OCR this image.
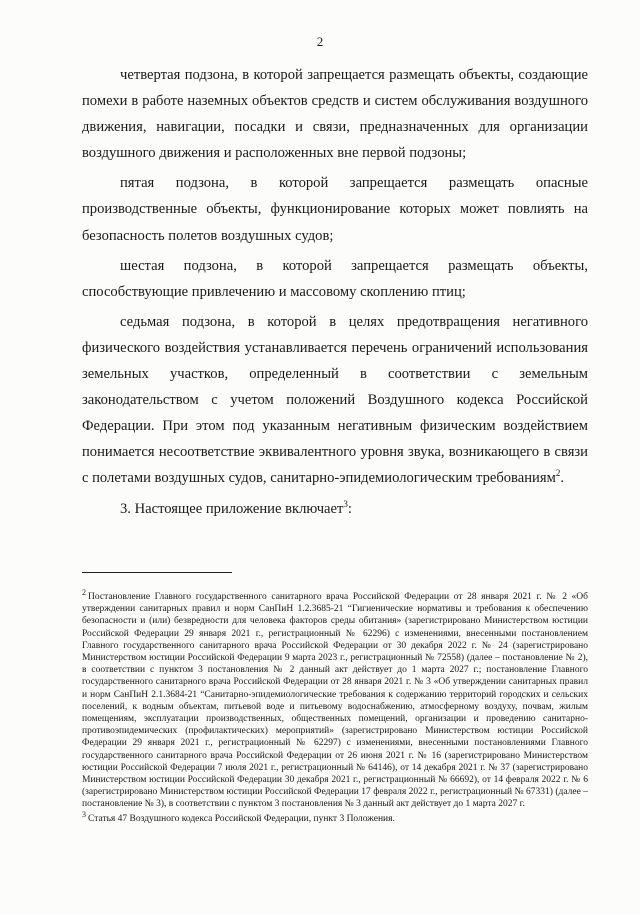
2

четвертая подзона, в которой запрещается размещать объекты, создающие помехи в работе наземных объектов средств и систем обслуживания воздушного движения, навигации, посадки и связи, предназначенных для организации воздушного движения и расположенных вне первой подзоны;

пятая подзона, в которой запрещается размещать опасные производственные объекты, функционирование которых может повлиять на безопасность полетов воздушных судов;

шестая подзона, в которой запрещается размещать объекты, способствующие привлечению и массовому скоплению птиц;

седьмая подзона, в которой в целях предотвращения негативного физического воздействия устанавливается перечень ограничений использования земельных участков, определенный в соответствии с земельным законодательством с учетом положений Воздушного кодекса Российской Федерации. При этом под указанным негативным физическим воздействием понимается несоответствие эквивалентного уровня звука, возникающего в связи с полетами воздушных судов, санитарно-эпидемиологическим требованиям$^2$.

3. Настоящее приложение включает$^3$:

$^2$ Постановление Главного государственного санитарного врача Российской Федерации от 28 января 2021 г. № 2 «Об утверждении санитарных правил и норм СанПиН 1.2.3685-21 “Гигиенические нормативы и требования к обеспечению безопасности и (или) безвредности для человека факторов среды обитания» (зарегистрировано Министерством юстиции Российской Федерации 29 января 2021 г., регистрационный № 62296) с изменениями, внесенными постановлением Главного государственного санитарного врача Российской Федерации от 30 декабря 2022 г. № 24 (зарегистрировано Министерством юстиции Российской Федерации 9 марта 2023 г., регистрационный № 72558) (далее – постановление № 2), в соответствии с пунктом 3 постановления № 2 данный акт действует до 1 марта 2027 г.; постановление Главного государственного санитарного врача Российской Федерации от 28 января 2021 г. № 3 «Об утверждении санитарных правил и норм СанПиН 2.1.3684-21 “Санитарно-эпидемиологические требования к содержанию территорий городских и сельских поселений, к водным объектам, питьевой воде и питьевому водоснабжению, атмосферному воздуху, почвам, жилым помещениям, эксплуатации производственных, общественных помещений, организации и проведению санитарно-противоэпидемических (профилактических) мероприятий» (зарегистрировано Министерством юстиции Российской Федерации 29 января 2021 г., регистрационный № 62297) с изменениями, внесенными постановлениями Главного государственного санитарного врача Российской Федерации от 26 июня 2021 г. № 16 (зарегистрировано Министерством юстиции Российской Федерации 7 июля 2021 г., регистрационный № 64146), от 14 декабря 2021 г. № 37 (зарегистрировано Министерством юстиции Российской Федерации 30 декабря 2021 г., регистрационный № 66692), от 14 февраля 2022 г. № 6 (зарегистрировано Министерством юстиции Российской Федерации 17 февраля 2022 г., регистрационный № 67331) (далее – постановление № 3), в соответствии с пунктом 3 постановления № 3 данный акт действует до 1 марта 2027 г.

$^3$ Статья 47 Воздушного кодекса Российской Федерации, пункт 3 Положения.
